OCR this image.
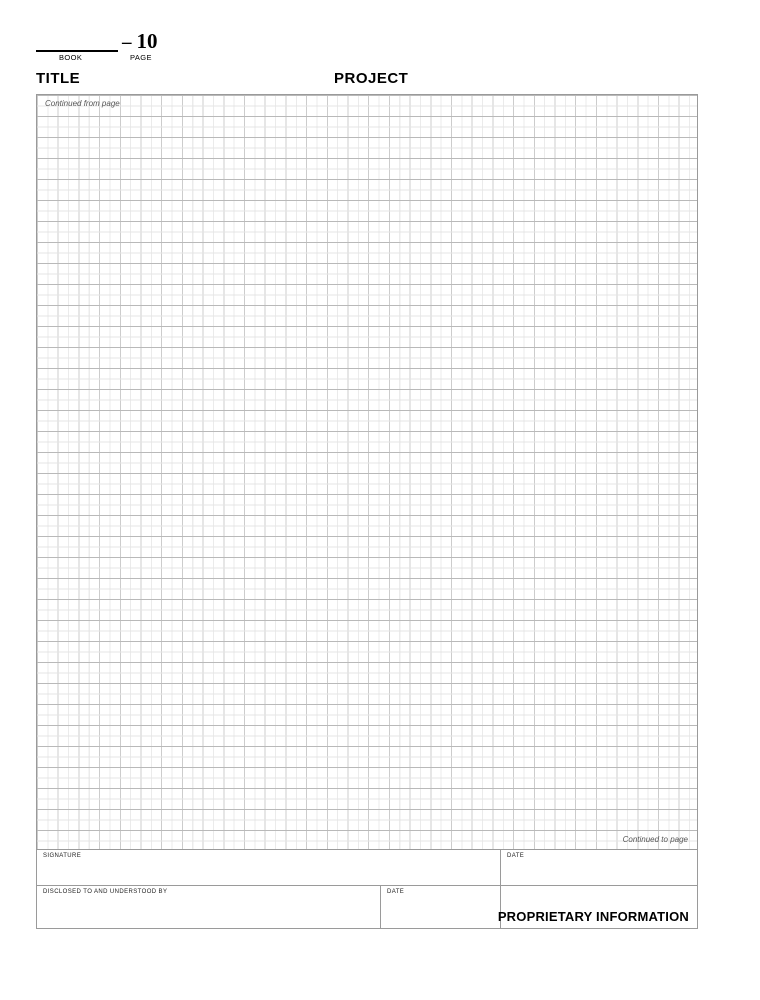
– 10
BOOK	PAGE
TITLE	PROJECT
Continued from page
Continued to page
SIGNATURE	DATE
DISCLOSED TO AND UNDERSTOOD BY	DATE
PROPRIETARY INFORMATION
